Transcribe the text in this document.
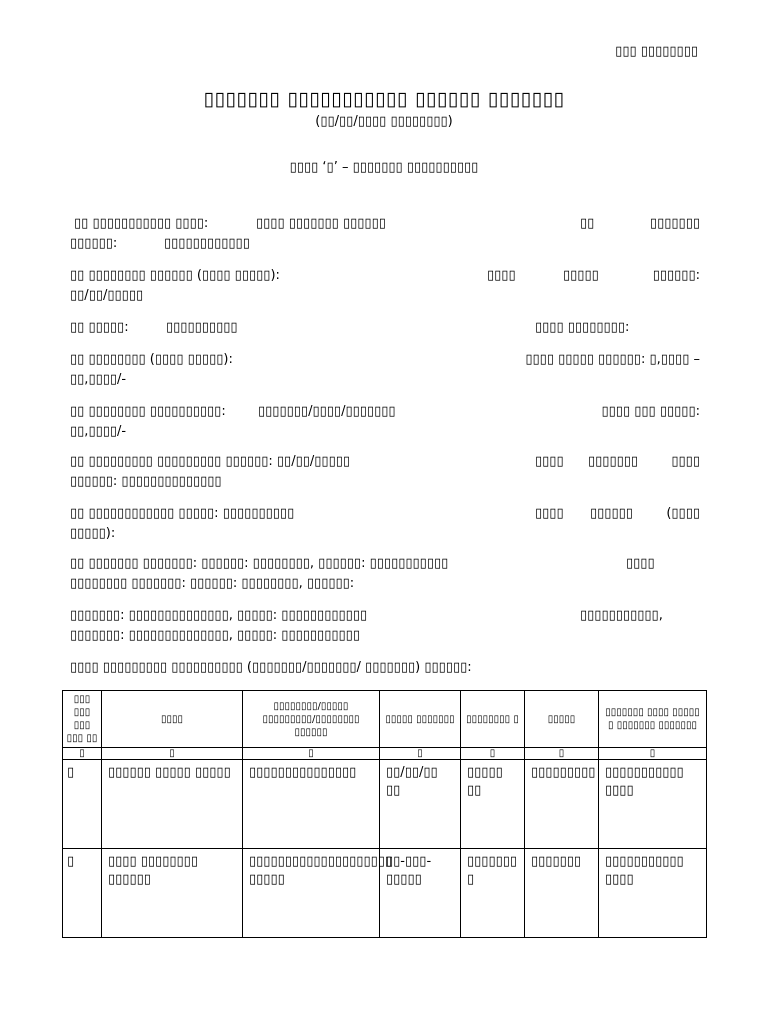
▯▯▯ ▯▯▯▯▯▯▯▯
▯▯▯▯▯▯▯ ▯▯▯▯▯▯▯▯▯▯▯ ▯▯▯▯▯▯ ▯▯▯▯▯▯▯
(▯▯/▯▯/▯▯▯▯ ▯▯▯▯▯▯▯▯)
▯▯▯▯ ‘▯’ – ▯▯▯▯▯▯▯ ▯▯▯▯▯▯▯▯▯▯
▯▯ ▯▯▯▯▯▯▯▯▯▯▯ ▯▯▯▯:	▯▯▯▯ ▯▯▯▯▯▯▯ ▯▯▯▯▯▯	▯▯	▯▯▯▯▯▯▯
▯▯▯▯▯▯:	▯▯▯▯▯▯▯▯▯▯▯▯
▯▯ ▯▯▯▯▯▯▯▯ ▯▯▯▯▯▯ (▯▯▯▯ ▯▯▯▯▯):	▯▯▯▯	▯▯▯▯▯	▯▯▯▯▯▯:
▯▯/▯▯/▯▯▯▯▯
▯▯ ▯▯▯▯▯:	▯▯▯▯▯▯▯▯▯▯	▯▯▯▯ ▯▯▯▯▯▯▯▯:
▯▯ ▯▯▯▯▯▯▯▯ (▯▯▯▯ ▯▯▯▯▯):	▯▯▯▯ ▯▯▯▯▯ ▯▯▯▯▯▯: ▯,▯▯▯▯ –
▯▯,▯▯▯▯/-
▯▯ ▯▯▯▯▯▯▯▯ ▯▯▯▯▯▯▯▯▯▯: ▯▯▯▯▯▯▯/▯▯▯▯/▯▯▯▯▯▯▯	▯▯▯▯ ▯▯▯ ▯▯▯▯▯:
▯▯,▯▯▯▯/-
▯▯ ▯▯▯▯▯▯▯▯▯ ▯▯▯▯▯▯▯▯▯ ▯▯▯▯▯▯: ▯▯/▯▯/▯▯▯▯▯	▯▯▯▯ ▯▯▯▯▯▯▯	▯▯▯▯
▯▯▯▯▯▯: ▯▯▯▯▯▯▯▯▯▯▯▯▯▯
▯▯ ▯▯▯▯▯▯▯▯▯▯▯▯ ▯▯▯▯▯: ▯▯▯▯▯▯▯▯▯▯	▯▯▯▯ ▯▯▯▯▯▯	(▯▯▯▯
▯▯▯▯▯):
▯▯ ▯▯▯▯▯▯▯ ▯▯▯▯▯▯▯: ▯▯▯▯▯▯: ▯▯▯▯▯▯▯▯, ▯▯▯▯▯▯: ▯▯▯▯▯▯▯▯▯▯▯	▯▯▯▯
▯▯▯▯▯▯▯▯ ▯▯▯▯▯▯▯: ▯▯▯▯▯▯: ▯▯▯▯▯▯▯▯, ▯▯▯▯▯▯:
▯▯▯▯▯▯▯: ▯▯▯▯▯▯▯▯▯▯▯▯▯▯, ▯▯▯▯▯: ▯▯▯▯▯▯▯▯▯▯▯▯	▯▯▯▯▯▯▯▯▯▯▯,
▯▯▯▯▯▯▯: ▯▯▯▯▯▯▯▯▯▯▯▯▯▯, ▯▯▯▯▯: ▯▯▯▯▯▯▯▯▯▯▯
▯▯▯▯ ▯▯▯▯▯▯▯▯▯ ▯▯▯▯▯▯▯▯▯▯ (▯▯▯▯▯▯▯/▯▯▯▯▯▯▯/ ▯▯▯▯▯▯▯) ▯▯▯▯▯▯:
▯▯▯ ▯▯▯ ▯▯▯ ▯▯▯ ▯▯	▯▯▯▯	▯▯▯▯▯▯▯▯/▯▯▯▯▯ ▯▯▯▯▯▯▯▯▯/▯▯▯▯▯▯▯▯ ▯▯▯▯▯▯	▯▯▯▯▯ ▯▯▯▯▯▯▯	▯▯▯▯▯▯▯▯ ▯	▯▯▯▯▯	▯▯▯▯▯▯▯ ▯▯▯▯ ▯▯▯▯▯ ▯ ▯▯▯▯▯▯▯ ▯▯▯▯▯▯▯
▯	▯	▯	▯	▯	▯	▯
▯	▯▯▯▯▯▯ ▯▯▯▯▯ ▯▯▯▯▯	▯▯▯▯▯▯▯▯▯▯▯▯▯▯▯	▯▯/▯▯/▯▯ ▯▯	▯▯▯▯▯ ▯▯	▯▯▯▯▯▯▯▯▯	▯▯▯▯▯▯▯▯▯▯▯ ▯▯▯▯
▯	▯▯▯▯ ▯▯▯▯▯▯▯▯ ▯▯▯▯▯▯	▯▯▯▯▯▯▯▯▯▯▯▯▯▯▯▯▯▯▯▯ ▯▯▯▯▯	▯▯-▯▯▯- ▯▯▯▯▯	▯▯▯▯▯▯▯ ▯	▯▯▯▯▯▯▯	▯▯▯▯▯▯▯▯▯▯▯ ▯▯▯▯
